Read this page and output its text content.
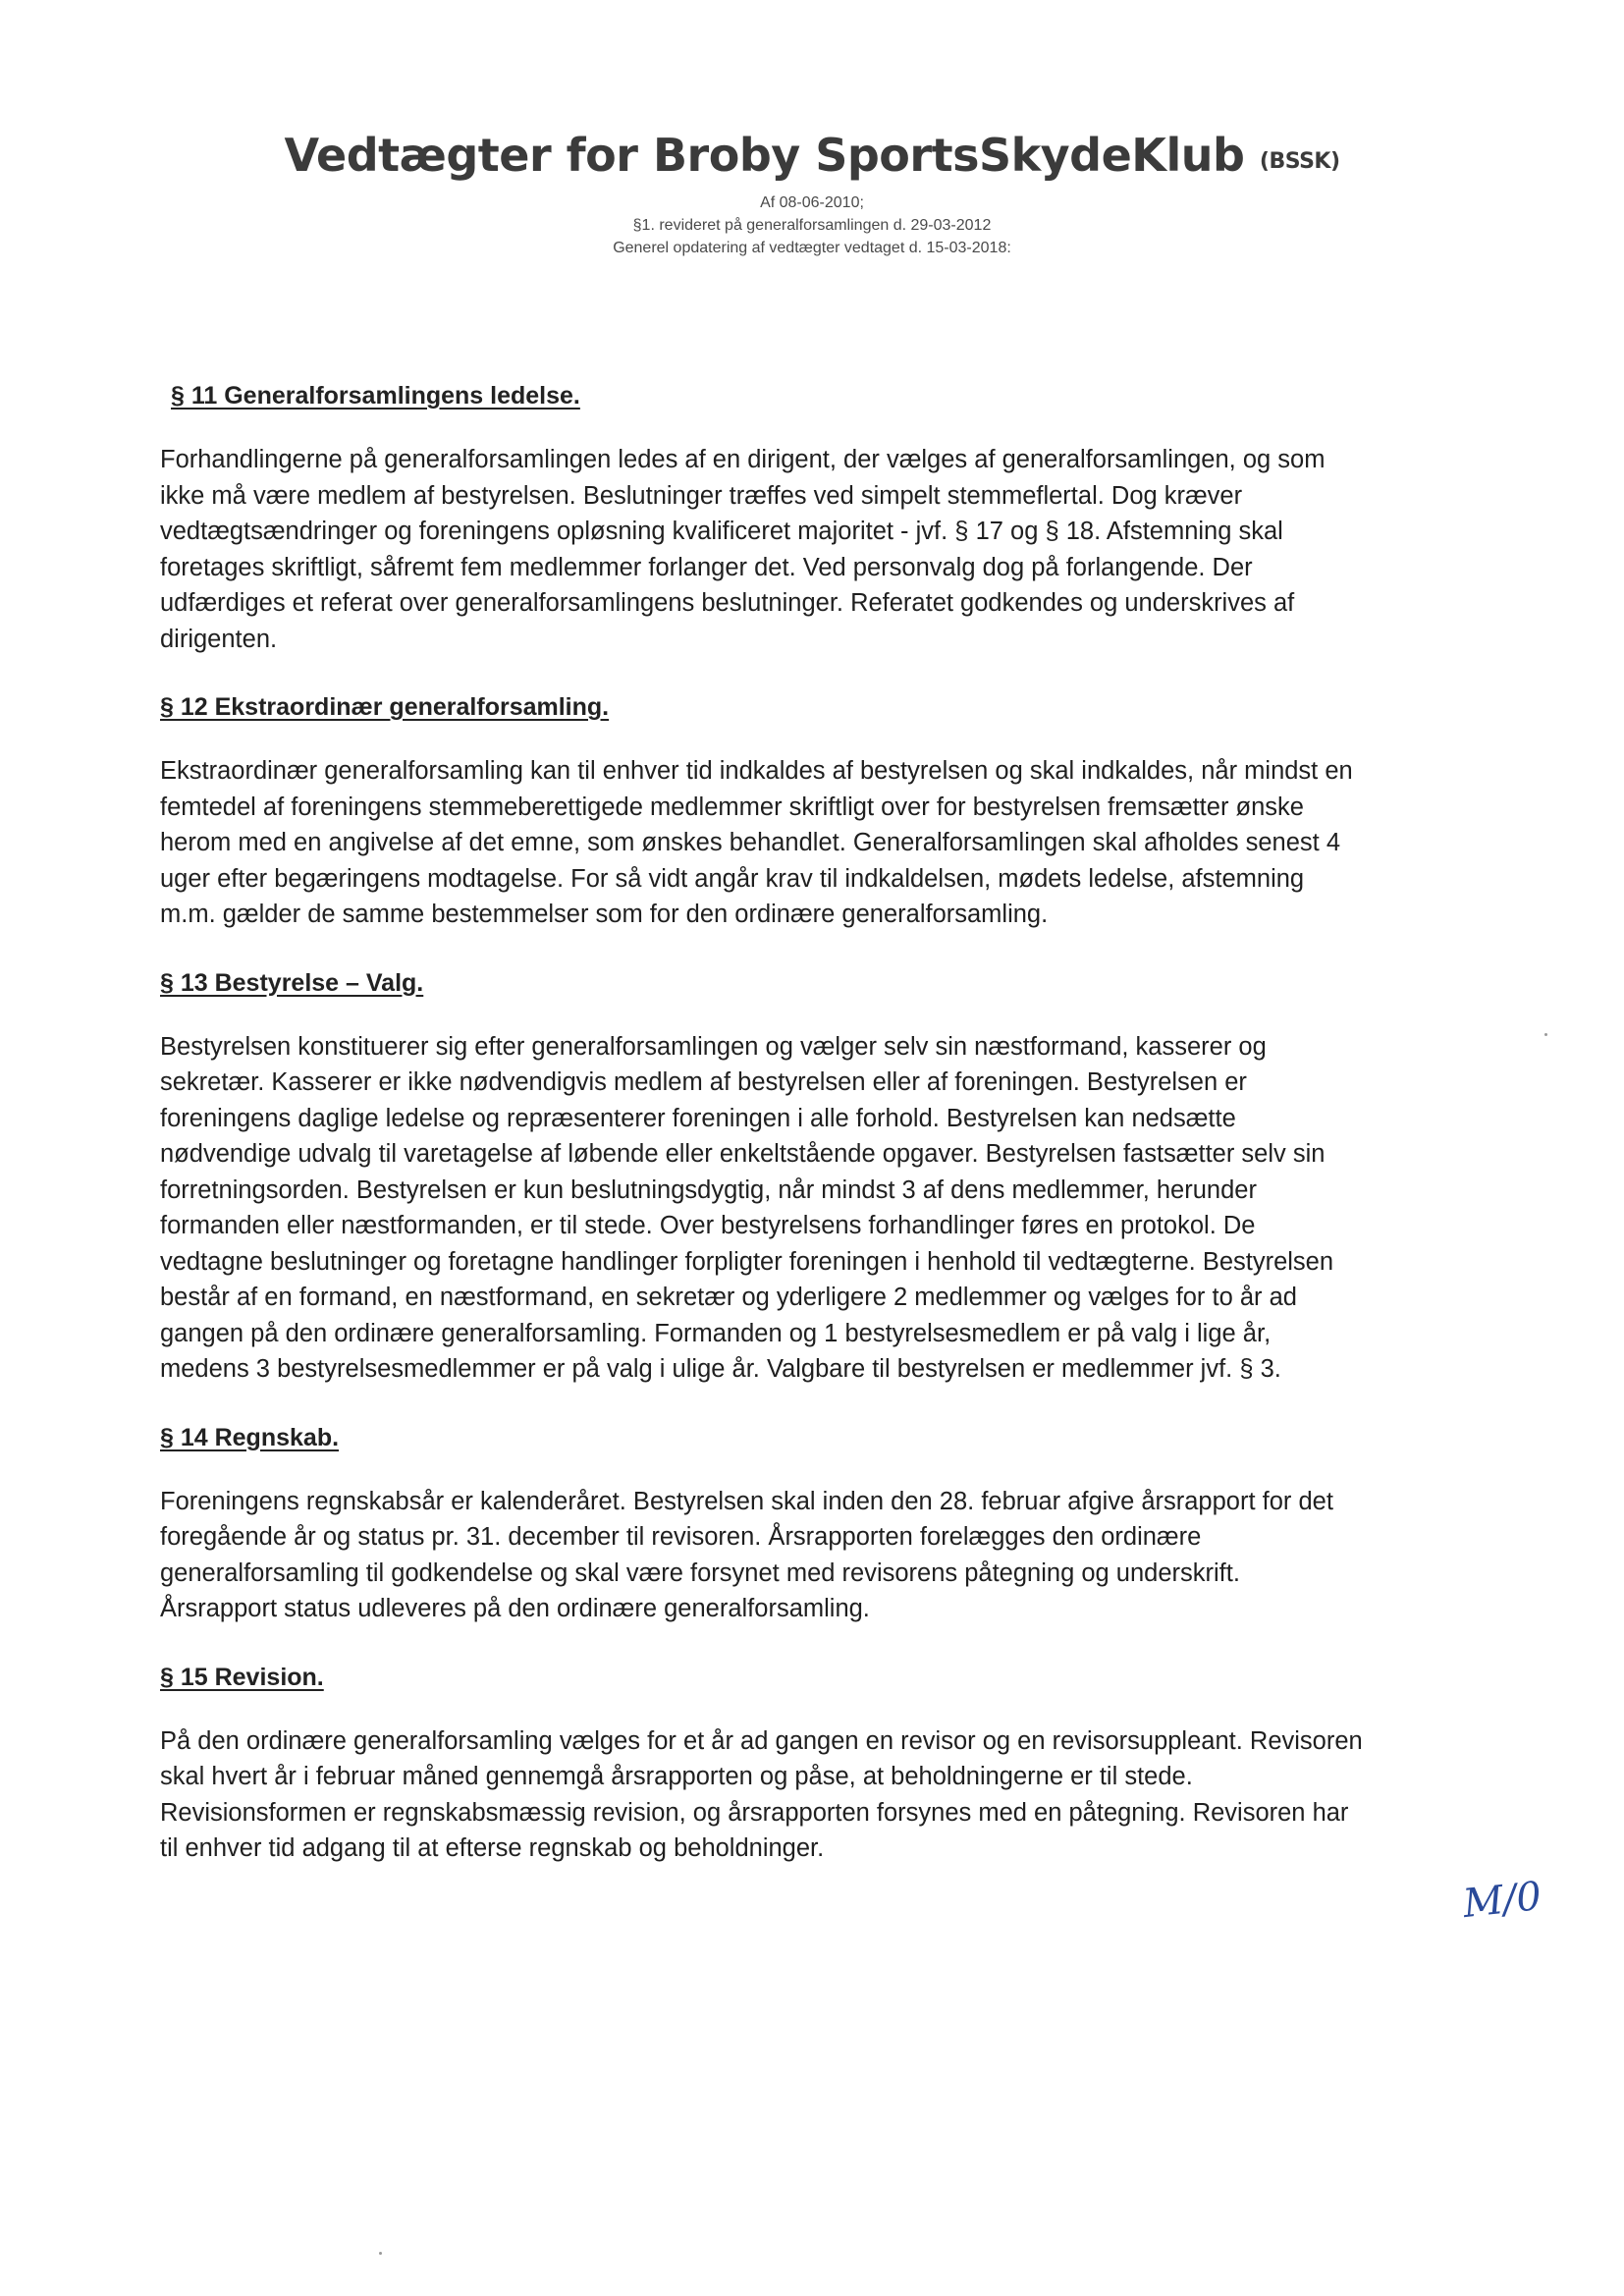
Vedtægter for Broby SportsSkydeKlub (BSSK)
Af 08-06-2010;
§1. revideret på generalforsamlingen d. 29-03-2012
Generel opdatering af vedtægter vedtaget d. 15-03-2018:
§ 11 Generalforsamlingens ledelse.

Forhandlingerne på generalforsamlingen ledes af en dirigent, der vælges af generalforsamlingen, og som
ikke må være medlem af bestyrelsen. Beslutninger træffes ved simpelt stemmeflertal. Dog kræver
vedtægtsændringer og foreningens opløsning kvalificeret majoritet - jvf. § 17 og § 18. Afstemning skal
foretages skriftligt, såfremt fem medlemmer forlanger det. Ved personvalg dog på forlangende. Der
udfærdiges et referat over generalforsamlingens beslutninger. Referatet godkendes og underskrives af
dirigenten.

§ 12 Ekstraordinær generalforsamling.

Ekstraordinær generalforsamling kan til enhver tid indkaldes af bestyrelsen og skal indkaldes, når mindst en
femtedel af foreningens stemmeberettigede medlemmer skriftligt over for bestyrelsen fremsætter ønske
herom med en angivelse af det emne, som ønskes behandlet. Generalforsamlingen skal afholdes senest 4
uger efter begæringens modtagelse. For så vidt angår krav til indkaldelsen, mødets ledelse, afstemning
m.m. gælder de samme bestemmelser som for den ordinære generalforsamling.

§ 13 Bestyrelse – Valg.

Bestyrelsen konstituerer sig efter generalforsamlingen og vælger selv sin næstformand, kasserer og
sekretær. Kasserer er ikke nødvendigvis medlem af bestyrelsen eller af foreningen. Bestyrelsen er
foreningens daglige ledelse og repræsenterer foreningen i alle forhold. Bestyrelsen kan nedsætte
nødvendige udvalg til varetagelse af løbende eller enkeltstående opgaver. Bestyrelsen fastsætter selv sin
forretningsorden. Bestyrelsen er kun beslutningsdygtig, når mindst 3 af dens medlemmer, herunder
formanden eller næstformanden, er til stede. Over bestyrelsens forhandlinger føres en protokol. De
vedtagne beslutninger og foretagne handlinger forpligter foreningen i henhold til vedtægterne. Bestyrelsen
består af en formand, en næstformand, en sekretær og yderligere 2 medlemmer og vælges for to år ad
gangen på den ordinære generalforsamling. Formanden og 1 bestyrelsesmedlem er på valg i lige år,
medens 3 bestyrelsesmedlemmer er på valg i ulige år. Valgbare til bestyrelsen er medlemmer jvf. § 3.

§ 14 Regnskab.

Foreningens regnskabsår er kalenderåret. Bestyrelsen skal inden den 28. februar afgive årsrapport for det
foregående år og status pr. 31. december til revisoren. Årsrapporten forelægges den ordinære
generalforsamling til godkendelse og skal være forsynet med revisorens påtegning og underskrift.
Årsrapport status udleveres på den ordinære generalforsamling.

§ 15 Revision.

På den ordinære generalforsamling vælges for et år ad gangen en revisor og en revisorsuppleant. Revisoren
skal hvert år i februar måned gennemgå årsrapporten og påse, at beholdningerne er til stede.
Revisionsformen er regnskabsmæssig revision, og årsrapporten forsynes med en påtegning. Revisoren har
til enhver tid adgang til at efterse regnskab og beholdninger.

M/0
